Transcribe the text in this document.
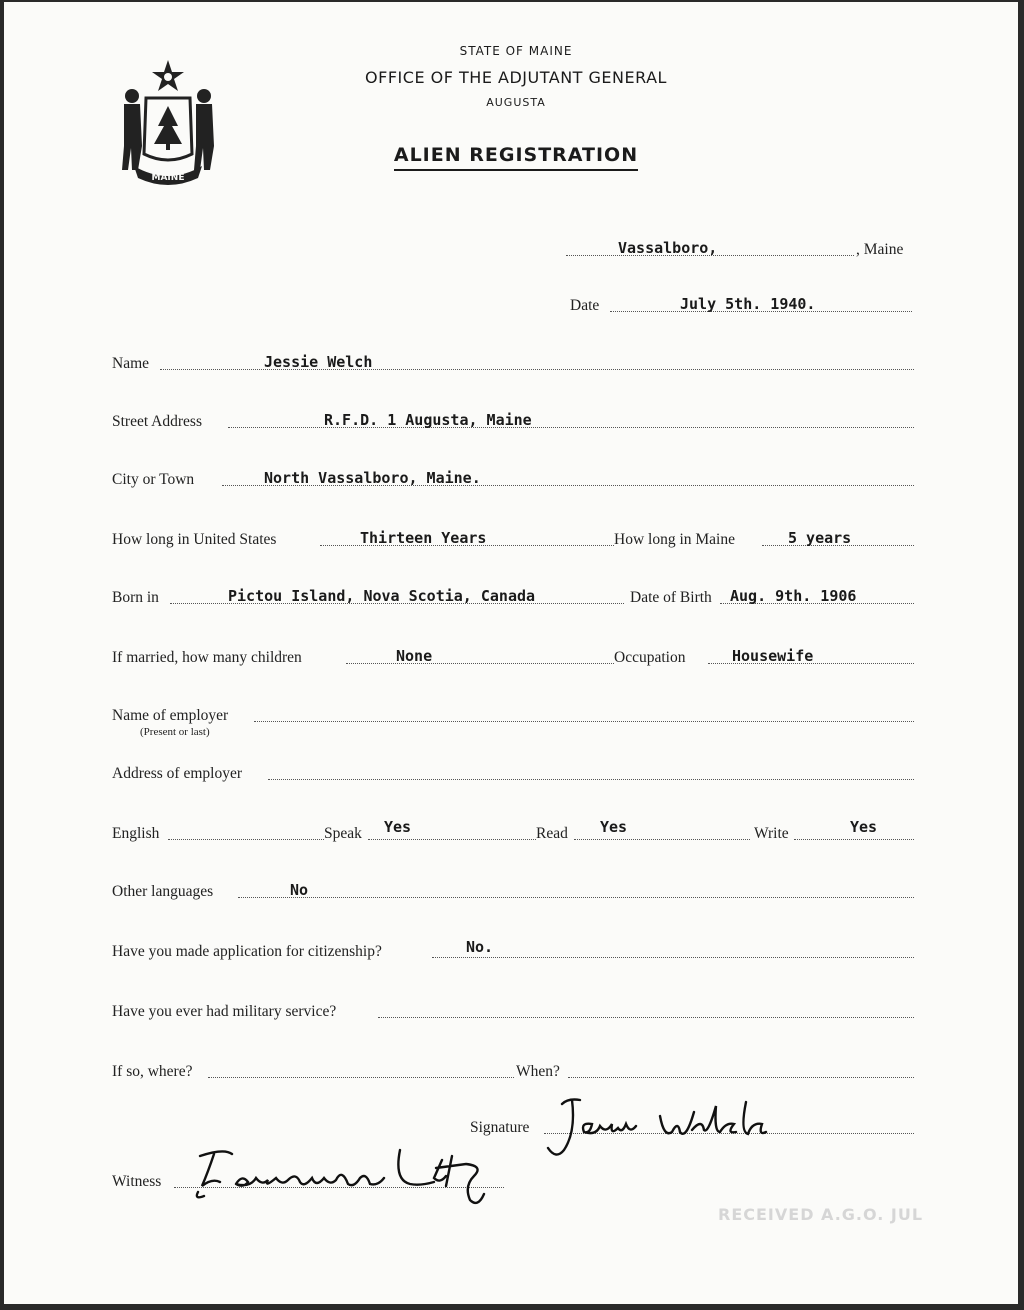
MAINE
STATE OF MAINE
OFFICE OF THE ADJUTANT GENERAL
AUGUSTA
ALIEN REGISTRATION
Vassalboro,	, Maine
Date	July 5th. 1940.
Name	Jessie Welch
Street Address	R.F.D. 1 Augusta, Maine
City or Town	North Vassalboro, Maine.
How long in United States	Thirteen Years	How long in Maine	5 years
Born in	Pictou Island, Nova Scotia, Canada	Date of Birth Aug. 9th. 1906
If married, how many children	None	Occupation	Housewife
Name of employer
(Present or last)
Address of employer
English	Speak Yes	Read Yes	Write	Yes
Other languages	No
Have you made application for citizenship?	No.
Have you ever had military service?
If so, where?	When?
Signature
Jessie Welch
Witness
Fessenden Lutz
RECEIVED A.G.O. JUL
